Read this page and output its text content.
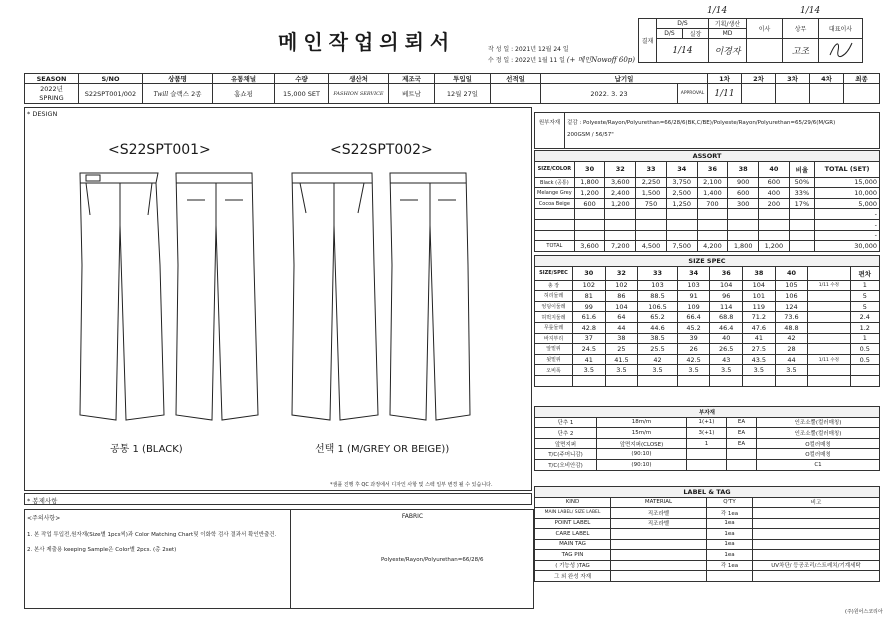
메인작업의뢰서	작 성 일 : 2021년 12월 24 일
수 정 일 : 2022년 1월 11 일 (+ 메인Nowoff 60p)
1/14	1/14
결재	D/S		기획/생산	이사	상무	대표이사
	D/S	실장	MD			
	1/14		이경자		고조	
SEASON	S/NO	상품명	유통채널	수량	생산처	제조국	투입일	선적일	납기일		1차	2차	3차	4차	최종
2022년 SPRING	S22SPT001/002	Twill 슬랙스 2종	홈쇼핑	15,000 SET	FASHION SERVICE	베트남	12월 27일		2022. 3. 23	APPROVAL	1/11				
* DESIGN
<S22SPT001>	<S22SPT002>
공통 1 (BLACK)	선택 1 (M/GREY OR BEIGE))
*샘플 진행 후 QC 과정에서 디자인 사항 및 스펙 일부 변경 될 수 있습니다.
* 봉제사항
<주의사항>
1. 본 작업 투입전,원자재(Size별 1pcs씩)과 Color Matching Chart및 이화학 검사 결과서 확인반출건.
2. 본사 제출용 keeping Sample은 Color별 2pcs. (총 2set)
원부자재	겉감 : Polyeste/Rayon/Polyurethan=66/28/6(BK,C/BE)/Polyeste/Rayon/Polyurethan=65/29/6(M/GR)
200GSM / 56/57"
ASSORT									
SIZE/COLOR	30	32	33	34	36	38	40	비율	TOTAL (SET)
Black (공통)	1,800	3,600	2,250	3,750	2,100	900	600	50%	15,000
Melange Grey	1,200	2,400	1,500	2,500	1,400	600	400	33%	10,000
Cocoa Beige	600	1,200	750	1,250	700	300	200	17%	5,000
									-
									-
									-
TOTAL	3,600	7,200	4,500	7,500	4,200	1,800	1,200		30,000
SIZE SPEC									
SIZE/SPEC	30	32	33	34	36	38	40		편차
총 장	102	102	103	103	104	104	105	1/11 수정	1
허리둘레	81	86	88.5	91	96	101	106		5
엉덩이둘레	99	104	106.5	109	114	119	124		5
허벅지둘레	61.6	64	65.2	66.4	68.8	71.2	73.6		2.4
무릎둘레	42.8	44	44.6	45.2	46.4	47.6	48.8		1.2
바지부리	37	38	38.5	39	40	41	42		1
앞밑위	24.5	25	25.5	26	26.5	27.5	28		0.5
뒷밑위	41	41.5	42	42.5	43	43.5	44	1/11 수정	0.5
오비폭	3.5	3.5	3.5	3.5	3.5	3.5	3.5		

부자재				
단추 1	18m/m	1(+1)	EA	인조소뿔(컬러매칭)
단추 2	15m/m	3(+1)	EA	인조소뿔(컬러매칭)
앞면지퍼	앞면지퍼(CLOSE)	1	EA	O컬러매칭
T/C(주머니감)	(90:10)			O컬러매칭
T/C(오비안감)	(90:10)			C1
LABEL & TAG			
KIND	MATERIAL	Q'TY	비고
MAIN LABEL/ SIZE LABEL	직조라벨	각 1ea	
POINT LABEL	직조라벨	1ea	
CARE LABEL		1ea	
MAIN TAG		1ea	
TAG PIN		1ea	
( 기능성 )TAG		각 1ea	UV차단/ 등공조리/스트레치/기계세탁
그 외 완성 자재			
FABRIC
Polyeste/Rayon/Polyurethan=66/28/6
(주)원어스코리아
